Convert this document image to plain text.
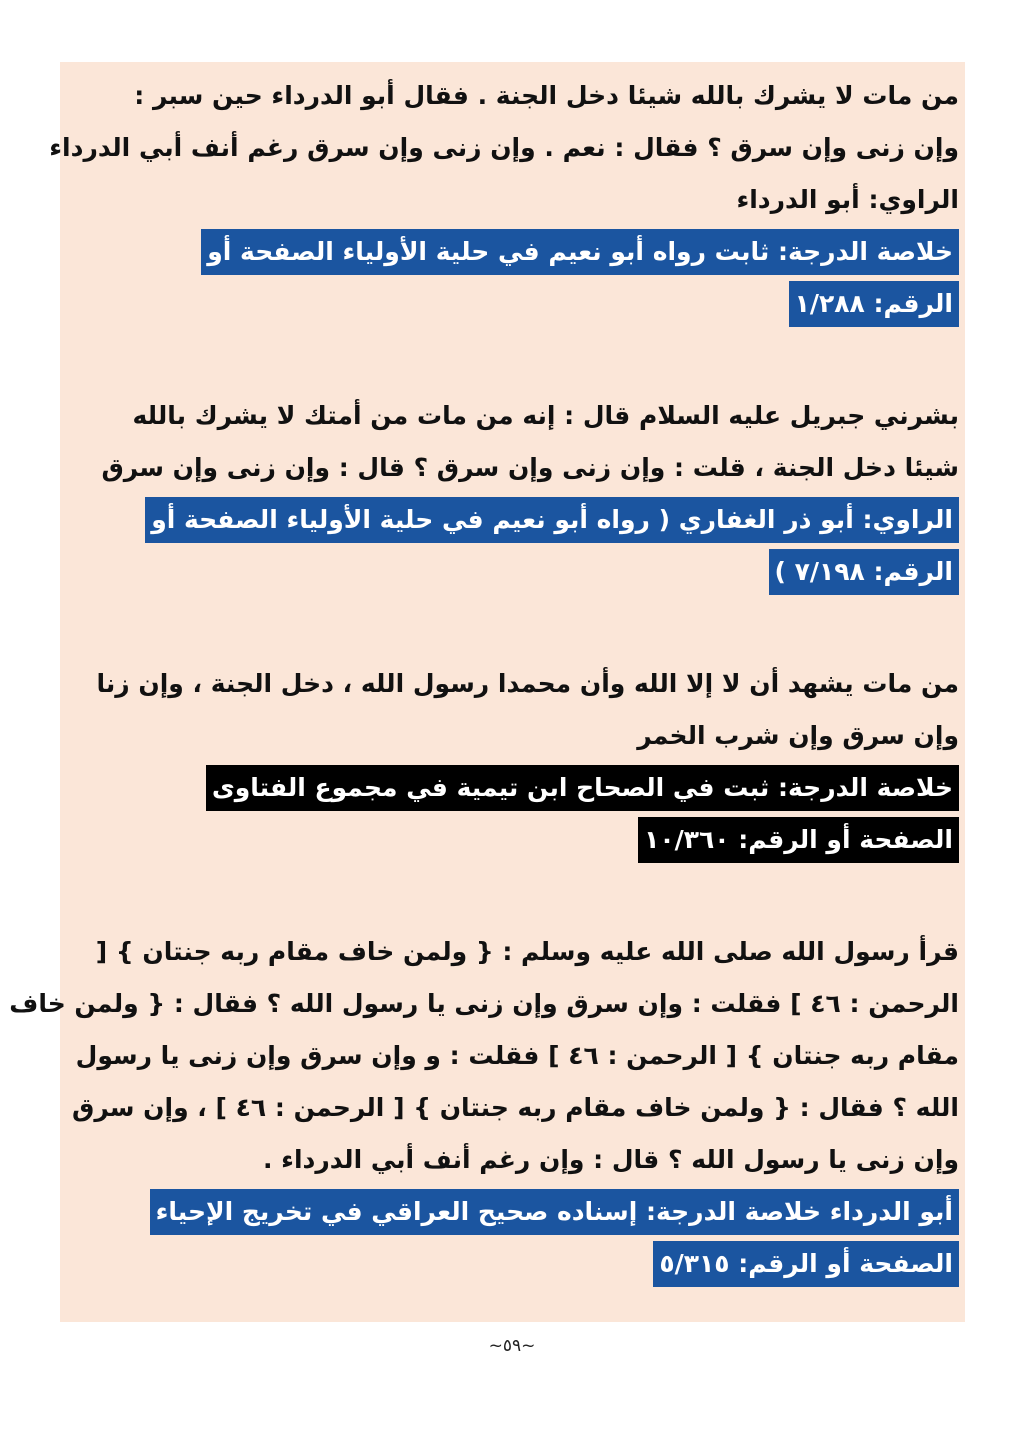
من مات لا يشرك بالله شيئا دخل الجنة . فقال أبو الدرداء حين سبر :
وإن زنى وإن سرق ؟ فقال : نعم . وإن زنى وإن سرق رغم أنف أبي الدرداء
الراوي: أبو الدرداء
خلاصة الدرجة: ثابت رواه أبو نعيم في حلية الأولياء الصفحة أو
الرقم: ١/٢٨٨
بشرني جبريل عليه السلام قال : إنه من مات من أمتك لا يشرك بالله
شيئا دخل الجنة ، قلت : وإن زنى وإن سرق ؟ قال : وإن زنى وإن سرق
الراوي: أبو ذر الغفاري ( رواه أبو نعيم في حلية الأولياء الصفحة أو
الرقم: ٧/١٩٨ )
من مات يشهد أن لا إلا الله وأن محمدا رسول الله ، دخل الجنة ، وإن زنا
وإن سرق وإن شرب الخمر
خلاصة الدرجة: ثبت في الصحاح ابن تيمية في مجموع الفتاوى
الصفحة أو الرقم: ١٠/٣٦٠
قرأ رسول الله صلى الله عليه وسلم : { ولمن خاف مقام ربه جنتان } [
الرحمن : ٤٦ ] فقلت : وإن سرق وإن زنى يا رسول الله ؟ فقال : { ولمن خاف
مقام ربه جنتان } [ الرحمن : ٤٦ ] فقلت : و وإن سرق وإن زنى يا رسول
الله ؟ فقال : { ولمن خاف مقام ربه جنتان } [ الرحمن : ٤٦ ] ، وإن سرق
وإن زنى يا رسول الله ؟ قال : وإن رغم أنف أبي الدرداء .
أبو الدرداء خلاصة الدرجة: إسناده صحيح العراقي في تخريج الإحياء
الصفحة أو الرقم: ٥/٣١٥
~٥٩~
